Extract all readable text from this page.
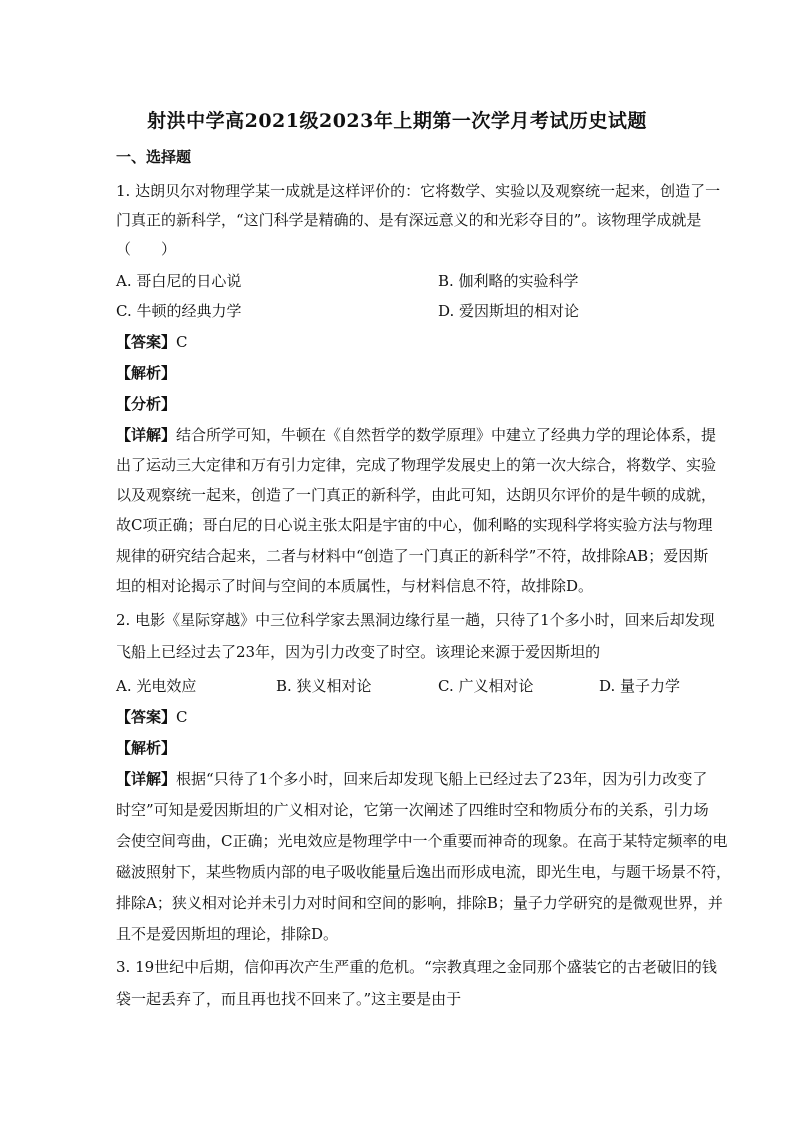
射洪中学高2021级2023年上期第一次学月考试历史试题
一、选择题
1. 达朗贝尔对物理学某一成就是这样评价的：它将数学、实验以及观察统一起来，创造了一
门真正的新科学，“这门科学是精确的、是有深远意义的和光彩夺目的”。该物理学成就是
（　　）
A. 哥白尼的日心说	B. 伽利略的实验科学
C. 牛顿的经典力学	D. 爱因斯坦的相对论
【答案】C
【解析】
【分析】
【详解】结合所学可知，牛顿在《自然哲学的数学原理》中建立了经典力学的理论体系，提
出了运动三大定律和万有引力定律，完成了物理学发展史上的第一次大综合，将数学、实验
以及观察统一起来，创造了一门真正的新科学，由此可知，达朗贝尔评价的是牛顿的成就，
故C项正确；哥白尼的日心说主张太阳是宇宙的中心，伽利略的实现科学将实验方法与物理
规律的研究结合起来，二者与材料中“创造了一门真正的新科学”不符，故排除AB；爱因斯
坦的相对论揭示了时间与空间的本质属性，与材料信息不符，故排除D。
2. 电影《星际穿越》中三位科学家去黑洞边缘行星一趟，只待了1个多小时，回来后却发现
飞船上已经过去了23年，因为引力改变了时空。该理论来源于爱因斯坦的
A. 光电效应	B. 狭义相对论	C. 广义相对论	D. 量子力学
【答案】C
【解析】
【详解】根据“只待了1个多小时，回来后却发现飞船上已经过去了23年，因为引力改变了
时空”可知是爱因斯坦的广义相对论，它第一次阐述了四维时空和物质分布的关系，引力场
会使空间弯曲，C正确；光电效应是物理学中一个重要而神奇的现象。在高于某特定频率的电
磁波照射下，某些物质内部的电子吸收能量后逸出而形成电流，即光生电，与题干场景不符，
排除A；狭义相对论并未引力对时间和空间的影响，排除B；量子力学研究的是微观世界，并
且不是爱因斯坦的理论，排除D。
3. 19世纪中后期，信仰再次产生严重的危机。“宗教真理之金同那个盛装它的古老破旧的钱
袋一起丢弃了，而且再也找不回来了。”这主要是由于
